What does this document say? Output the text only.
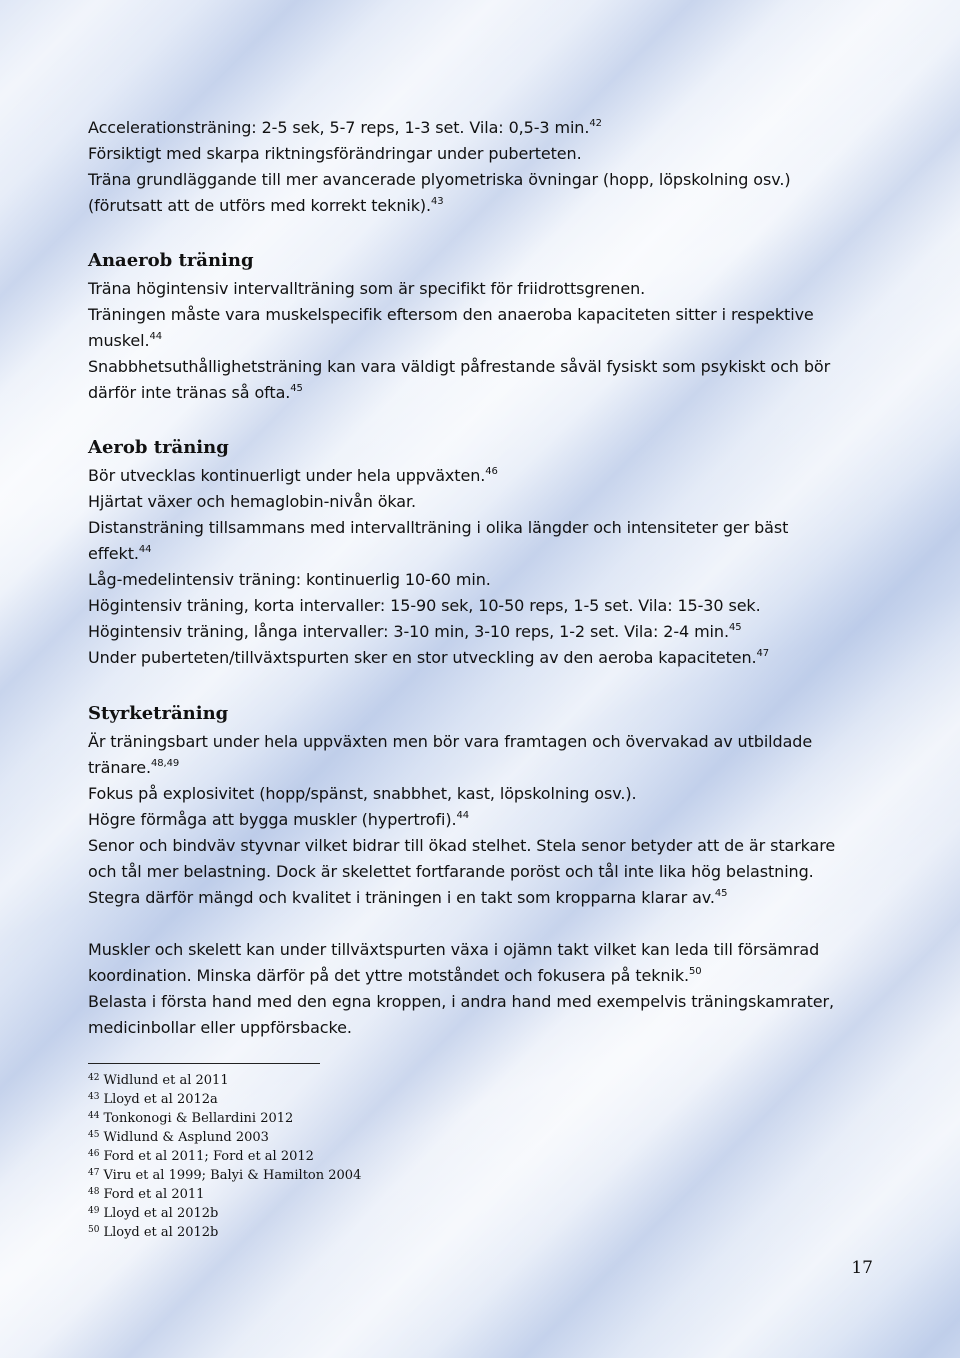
Accelerationsträning: 2-5 sek, 5-7 reps, 1-3 set. Vila: 0,5-3 min.$^{42}$
Försiktigt med skarpa riktningsförändringar under puberteten.
Träna grundläggande till mer avancerade plyometriska övningar (hopp, löpskolning osv.)
(förutsatt att de utförs med korrekt teknik).$^{43}$
Anaerob träning
Träna högintensiv intervallträning som är specifikt för friidrottsgrenen.
Träningen måste vara muskelspecifik eftersom den anaeroba kapaciteten sitter i respektive
muskel.$^{44}$
Snabbhetsuthållighetsträning kan vara väldigt påfrestande såväl fysiskt som psykiskt och bör
därför inte tränas så ofta.$^{45}$
Aerob träning
Bör utvecklas kontinuerligt under hela uppväxten.$^{46}$
Hjärtat växer och hemaglobin-nivån ökar.
Distansträning tillsammans med intervallträning i olika längder och intensiteter ger bäst
effekt.$^{44}$
Låg-medelintensiv träning: kontinuerlig 10-60 min.
Högintensiv träning, korta intervaller: 15-90 sek, 10-50 reps, 1-5 set. Vila: 15-30 sek.
Högintensiv träning, långa intervaller: 3-10 min, 3-10 reps, 1-2 set. Vila: 2-4 min.$^{45}$
Under puberteten/tillväxtspurten sker en stor utveckling av den aeroba kapaciteten.$^{47}$
Styrketräning
Är träningsbart under hela uppväxten men bör vara framtagen och övervakad av utbildade
tränare.$^{48,49}$
Fokus på explosivitet (hopp/spänst, snabbhet, kast, löpskolning osv.).
Högre förmåga att bygga muskler (hypertrofi).$^{44}$
Senor och bindväv styvnar vilket bidrar till ökad stelhet. Stela senor betyder att de är starkare
och tål mer belastning. Dock är skelettet fortfarande poröst och tål inte lika hög belastning.
Stegra därför mängd och kvalitet i träningen i en takt som kropparna klarar av.$^{45}$
Muskler och skelett kan under tillväxtspurten växa i ojämn takt vilket kan leda till försämrad
koordination. Minska därför på det yttre motståndet och fokusera på teknik.$^{50}$
Belasta i första hand med den egna kroppen, i andra hand med exempelvis träningskamrater,
medicinbollar eller uppförsbacke.
$^{42}$ Widlund et al 2011
$^{43}$ Lloyd et al 2012a
$^{44}$ Tonkonogi & Bellardini 2012
$^{45}$ Widlund & Asplund 2003
$^{46}$ Ford et al 2011; Ford et al 2012
$^{47}$ Viru et al 1999; Balyi & Hamilton 2004
$^{48}$ Ford et al 2011
$^{49}$ Lloyd et al 2012b
$^{50}$ Lloyd et al 2012b
17
